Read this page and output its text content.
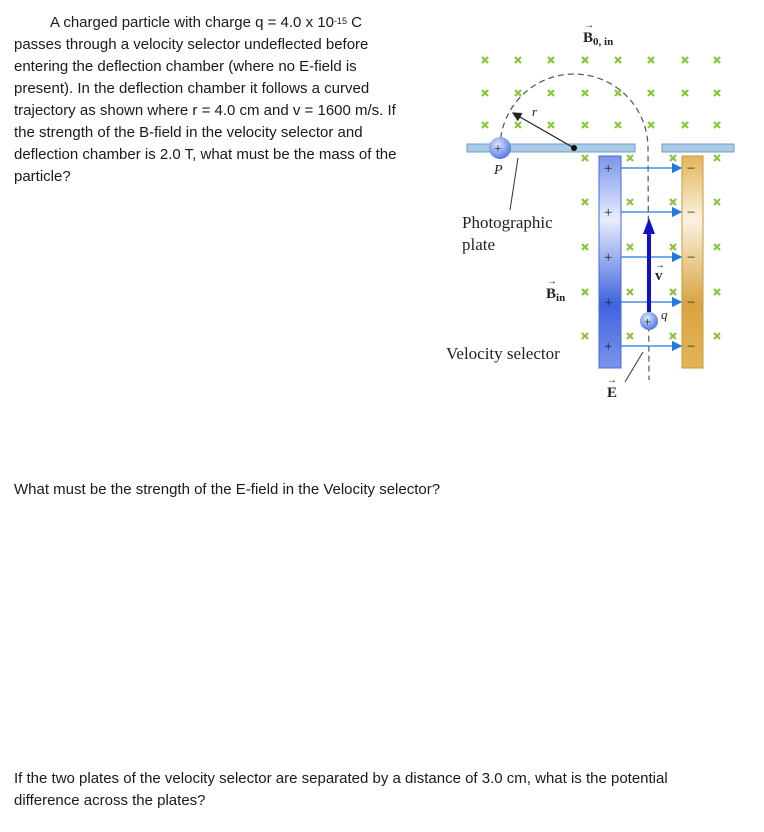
A charged particle with charge q = 4.0 x $10^{-15}$ C
passes through a velocity selector undeflected before
entering the deflection chamber (where no E-field is
present). In the deflection chamber it follows a curved
trajectory as shown where r = 4.0 cm and v = 1600 m/s. If
the strength of the B-field in the velocity selector and
deflection chamber is 2.0 T, what must be the mass of the
particle?
What must be the strength of the E-field in the Velocity selector?
If the two plates of the velocity selector are separated by a distance of 3.0 cm, what is the potential difference across the plates?
r
+
P
Photographic
plate
$B_{0, in}$
→
$B_{in}$
→
Velocity selector
+	−
+	−
+	−
+	−
+	−
v
→
+ q
E
→
